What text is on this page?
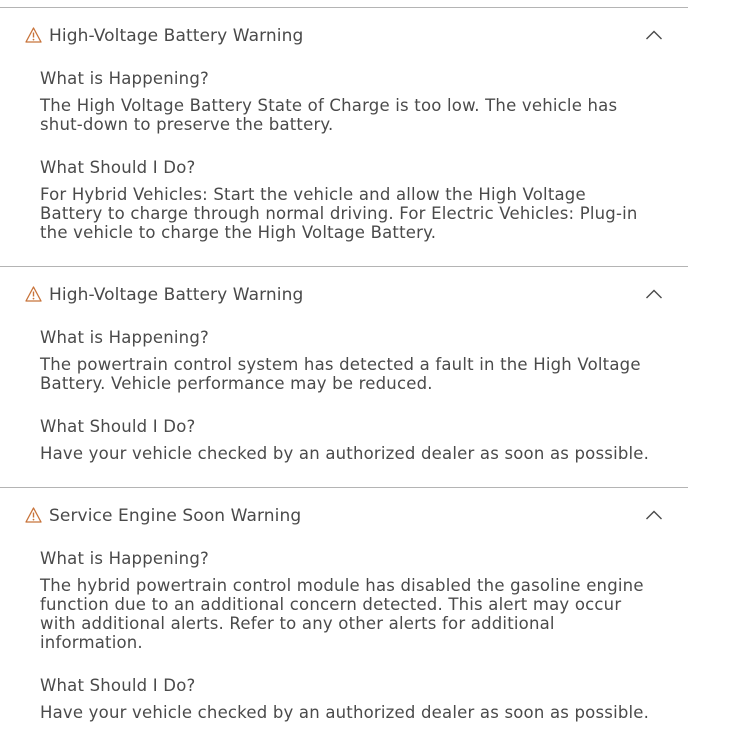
High-Voltage Battery Warning

What is Happening?

The High Voltage Battery State of Charge is too low. The vehicle has shut-down to preserve the battery.

What Should I Do?

For Hybrid Vehicles: Start the vehicle and allow the High Voltage Battery to charge through normal driving. For Electric Vehicles: Plug-in the vehicle to charge the High Voltage Battery.

High-Voltage Battery Warning

What is Happening?

The powertrain control system has detected a fault in the High Voltage Battery. Vehicle performance may be reduced.

What Should I Do?

Have your vehicle checked by an authorized dealer as soon as possible.

Service Engine Soon Warning

What is Happening?

The hybrid powertrain control module has disabled the gasoline engine function due to an additional concern detected. This alert may occur with additional alerts. Refer to any other alerts for additional information.

What Should I Do?

Have your vehicle checked by an authorized dealer as soon as possible.
